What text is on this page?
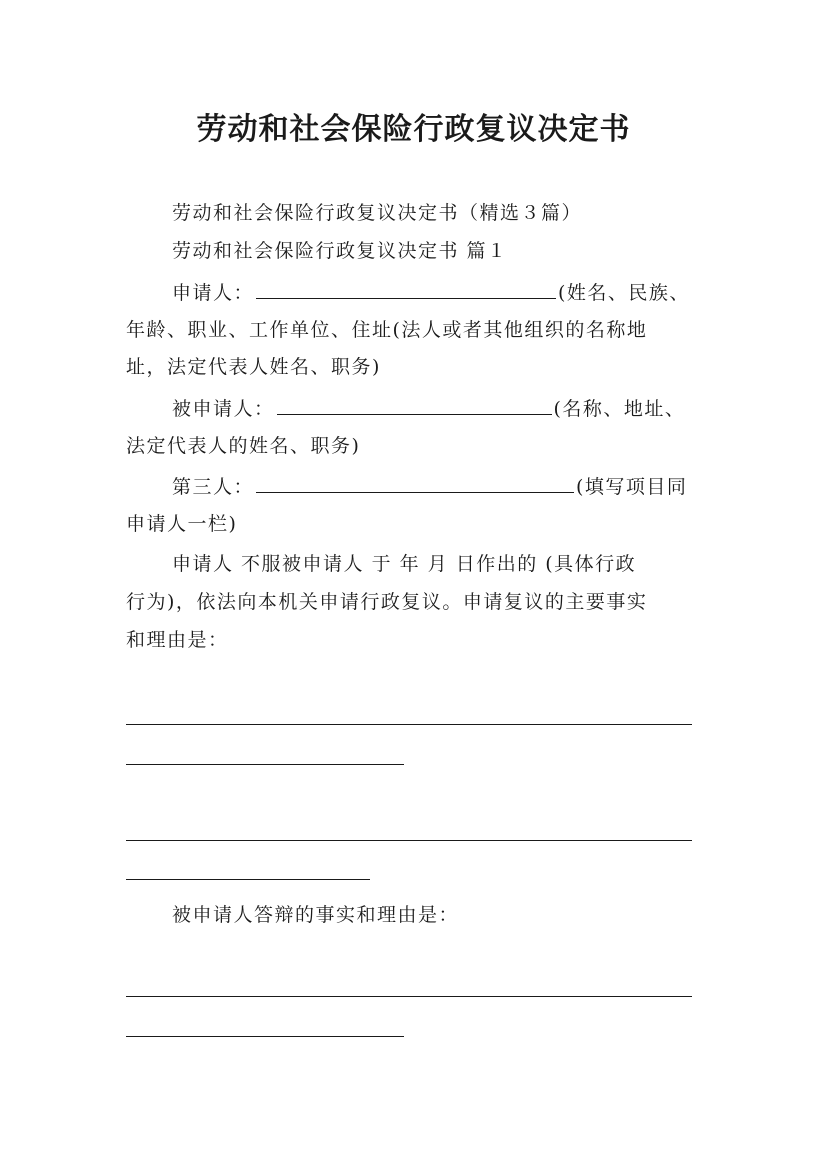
劳动和社会保险行政复议决定书
劳动和社会保险行政复议决定书（精选３篇）
劳动和社会保险行政复议决定书 篇１
申请人：	(姓名、民族、
年龄、职业、工作单位、住址(法人或者其他组织的名称地
址，法定代表人姓名、职务)
被申请人：	(名称、地址、
法定代表人的姓名、职务)
第三人：	(填写项目同
申请人一栏)
申请人 不服被申请人 于 年 月 日作出的 (具体行政
行为)，依法向本机关申请行政复议。申请复议的主要事实
和理由是：
被申请人答辩的事实和理由是：
